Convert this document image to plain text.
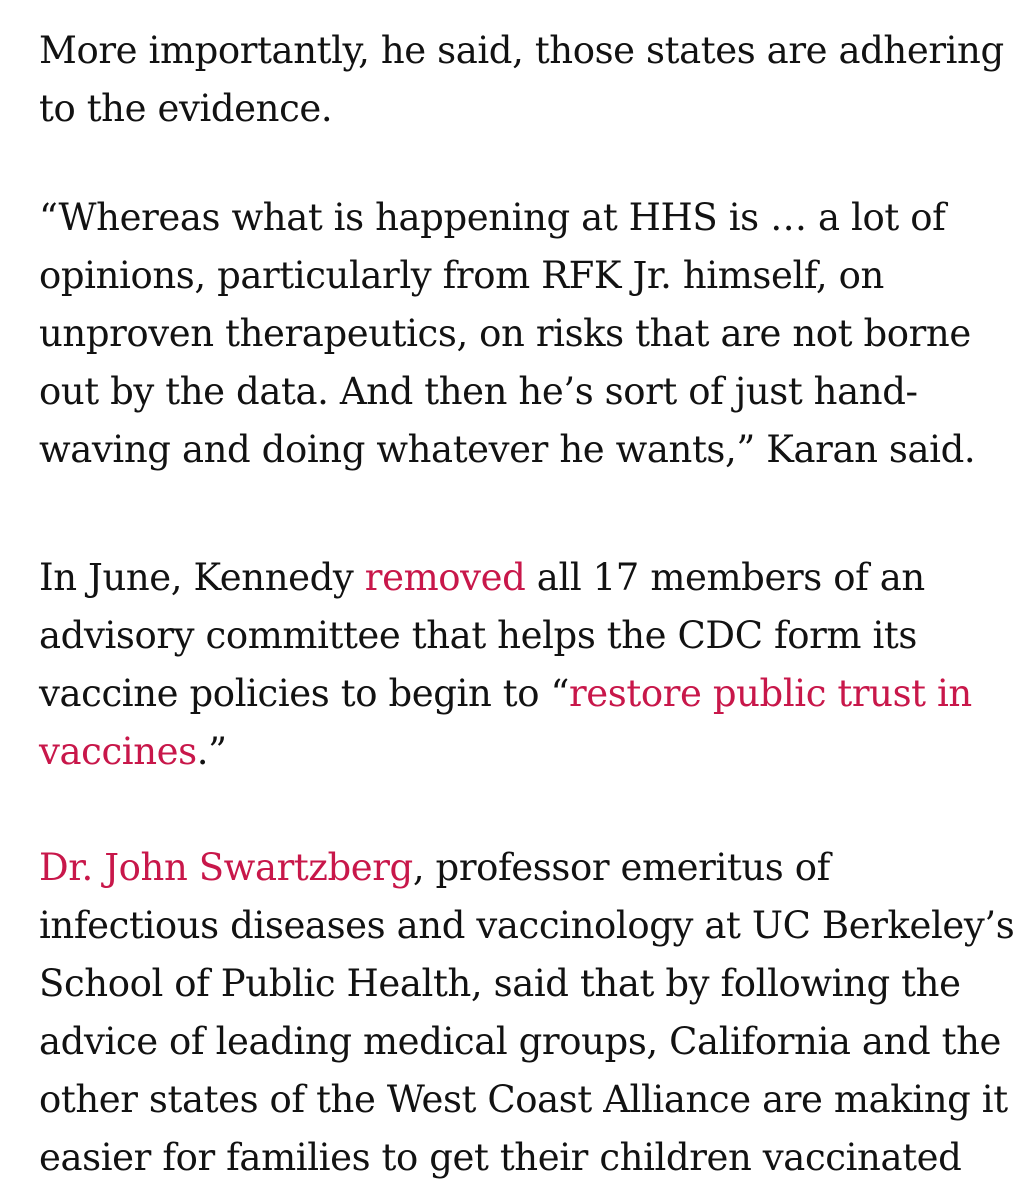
More importantly, he said, those states are adhering
to the evidence.

“Whereas what is happening at HHS is … a lot of
opinions, particularly from RFK Jr. himself, on
unproven therapeutics, on risks that are not borne
out by the data. And then he’s sort of just hand-
waving and doing whatever he wants,” Karan said.

In June, Kennedy removed all 17 members of an
advisory committee that helps the CDC form its
vaccine policies to begin to “restore public trust in
vaccines.”

Dr. John Swartzberg, professor emeritus of
infectious diseases and vaccinology at UC Berkeley’s
School of Public Health, said that by following the
advice of leading medical groups, California and the
other states of the West Coast Alliance are making it
easier for families to get their children vaccinated
